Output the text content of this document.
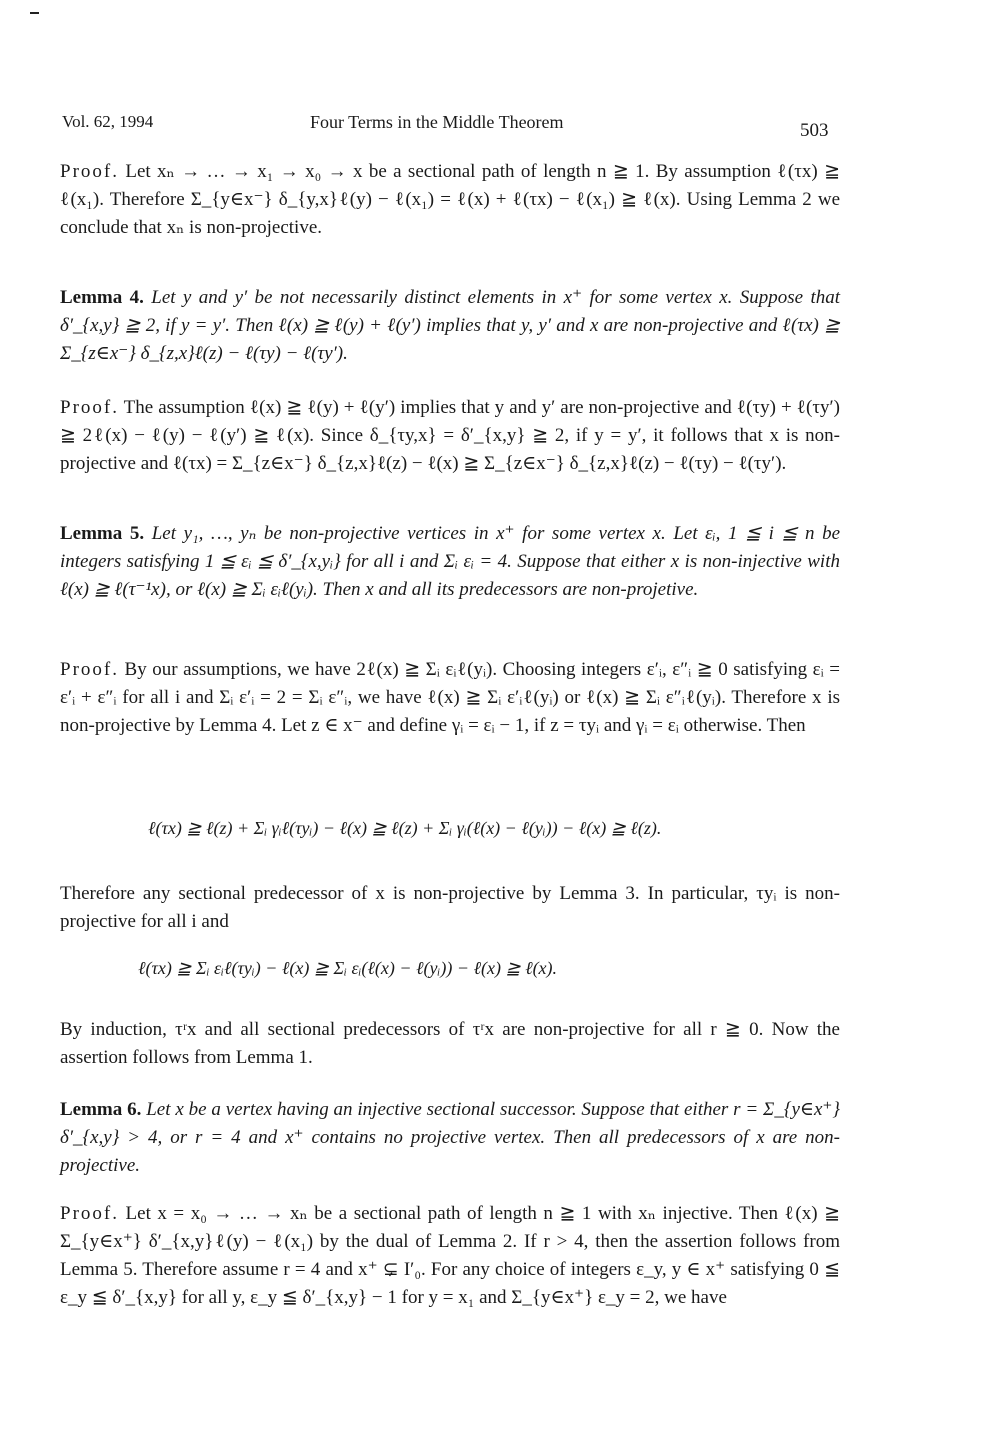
Vol. 62, 1994	Four Terms in the Middle Theorem	503

Proof. Let xₙ → … → x₁ → x₀ → x be a sectional path of length n ≧ 1. By assumption ℓ(τx) ≧ ℓ(x₁). Therefore Σ_{y∈x⁻} δ_{y,x}ℓ(y) − ℓ(x₁) = ℓ(x) + ℓ(τx) − ℓ(x₁) ≧ ℓ(x). Using Lemma 2 we conclude that xₙ is non-projective.

Lemma 4. Let y and y′ be not necessarily distinct elements in x⁺ for some vertex x. Suppose that δ′_{x,y} ≧ 2, if y = y′. Then ℓ(x) ≧ ℓ(y) + ℓ(y′) implies that y, y′ and x are non-projective and ℓ(τx) ≧ Σ_{z∈x⁻} δ_{z,x}ℓ(z) − ℓ(τy) − ℓ(τy′).

Proof. The assumption ℓ(x) ≧ ℓ(y) + ℓ(y′) implies that y and y′ are non-projective and ℓ(τy) + ℓ(τy′) ≧ 2ℓ(x) − ℓ(y) − ℓ(y′) ≧ ℓ(x). Since δ_{τy,x} = δ′_{x,y} ≧ 2, if y = y′, it follows that x is non-projective and ℓ(τx) = Σ_{z∈x⁻} δ_{z,x}ℓ(z) − ℓ(x) ≧ Σ_{z∈x⁻} δ_{z,x}ℓ(z) − ℓ(τy) − ℓ(τy′).

Lemma 5. Let y₁, …, yₙ be non-projective vertices in x⁺ for some vertex x. Let εᵢ, 1 ≦ i ≦ n be integers satisfying 1 ≦ εᵢ ≦ δ′_{x,yᵢ} for all i and Σᵢ εᵢ = 4. Suppose that either x is non-injective with ℓ(x) ≧ ℓ(τ⁻¹x), or ℓ(x) ≧ Σᵢ εᵢℓ(yᵢ). Then x and all its predecessors are non-projetive.

Proof. By our assumptions, we have 2ℓ(x) ≧ Σᵢ εᵢℓ(yᵢ). Choosing integers ε′ᵢ, ε″ᵢ ≧ 0 satisfying εᵢ = ε′ᵢ + ε″ᵢ for all i and Σᵢ ε′ᵢ = 2 = Σᵢ ε″ᵢ, we have ℓ(x) ≧ Σᵢ ε′ᵢℓ(yᵢ) or ℓ(x) ≧ Σᵢ ε″ᵢℓ(yᵢ). Therefore x is non-projective by Lemma 4. Let z ∈ x⁻ and define γᵢ = εᵢ − 1, if z = τyᵢ and γᵢ = εᵢ otherwise. Then

ℓ(τx) ≧ ℓ(z) + Σᵢ γᵢℓ(τyᵢ) − ℓ(x) ≧ ℓ(z) + Σᵢ γᵢ(ℓ(x) − ℓ(yᵢ)) − ℓ(x) ≧ ℓ(z).

Therefore any sectional predecessor of x is non-projective by Lemma 3. In particular, τyᵢ is non-projective for all i and

ℓ(τx) ≧ Σᵢ εᵢℓ(τyᵢ) − ℓ(x) ≧ Σᵢ εᵢ(ℓ(x) − ℓ(yᵢ)) − ℓ(x) ≧ ℓ(x).

By induction, τʳx and all sectional predecessors of τʳx are non-projective for all r ≧ 0. Now the assertion follows from Lemma 1.

Lemma 6. Let x be a vertex having an injective sectional successor. Suppose that either r = Σ_{y∈x⁺} δ′_{x,y} > 4, or r = 4 and x⁺ contains no projective vertex. Then all predecessors of x are non-projective.

Proof. Let x = x₀ → … → xₙ be a sectional path of length n ≧ 1 with xₙ injective. Then ℓ(x) ≧ Σ_{y∈x⁺} δ′_{x,y}ℓ(y) − ℓ(x₁) by the dual of Lemma 2. If r > 4, then the assertion follows from Lemma 5. Therefore assume r = 4 and x⁺ ⊊ I′₀. For any choice of integers ε_y, y ∈ x⁺ satisfying 0 ≦ ε_y ≦ δ′_{x,y} for all y, ε_y ≦ δ′_{x,y} − 1 for y = x₁ and Σ_{y∈x⁺} ε_y = 2, we have
